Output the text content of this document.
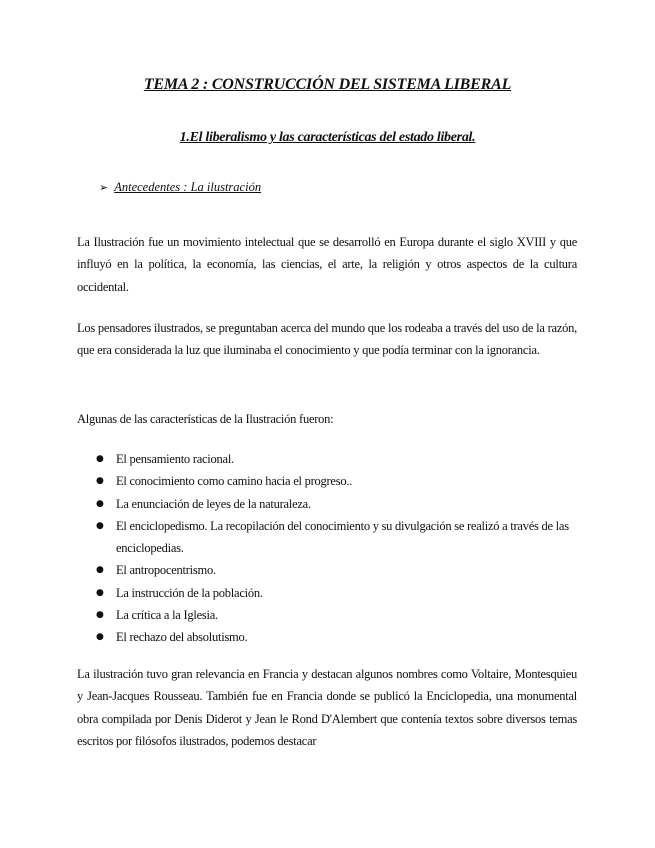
TEMA 2 : CONSTRUCCIÓN DEL SISTEMA LIBERAL
1.El liberalismo y las características del estado liberal.
➢ Antecedentes : La ilustración
La Ilustración fue un movimiento intelectual que se desarrolló en Europa durante el siglo XVIII y que influyó en la política, la economía, las ciencias, el arte, la religión y otros aspectos de la cultura occidental.
Los pensadores ilustrados, se preguntaban acerca del mundo que los rodeaba a través del uso de la razón, que era considerada la luz que iluminaba el conocimiento y que podía terminar con la ignorancia.
Algunas de las características de la Ilustración fueron:
● El pensamiento racional.
● El conocimiento como camino hacia el progreso..
● La enunciación de leyes de la naturaleza.
● El enciclopedismo. La recopilación del conocimiento y su divulgación se realizó a través de las enciclopedias.
● El antropocentrismo.
● La instrucción de la población.
● La crítica a la Iglesia.
● El rechazo del absolutismo.
La ilustración tuvo gran relevancia en Francia y destacan algunos nombres como Voltaire, Montesquieu y Jean-Jacques Rousseau. También fue en Francia donde se publicó la Enciclopedia, una monumental obra compilada por Denis Diderot y Jean le Rond D'Alembert que contenía textos sobre diversos temas escritos por filósofos ilustrados, podemos destacar
